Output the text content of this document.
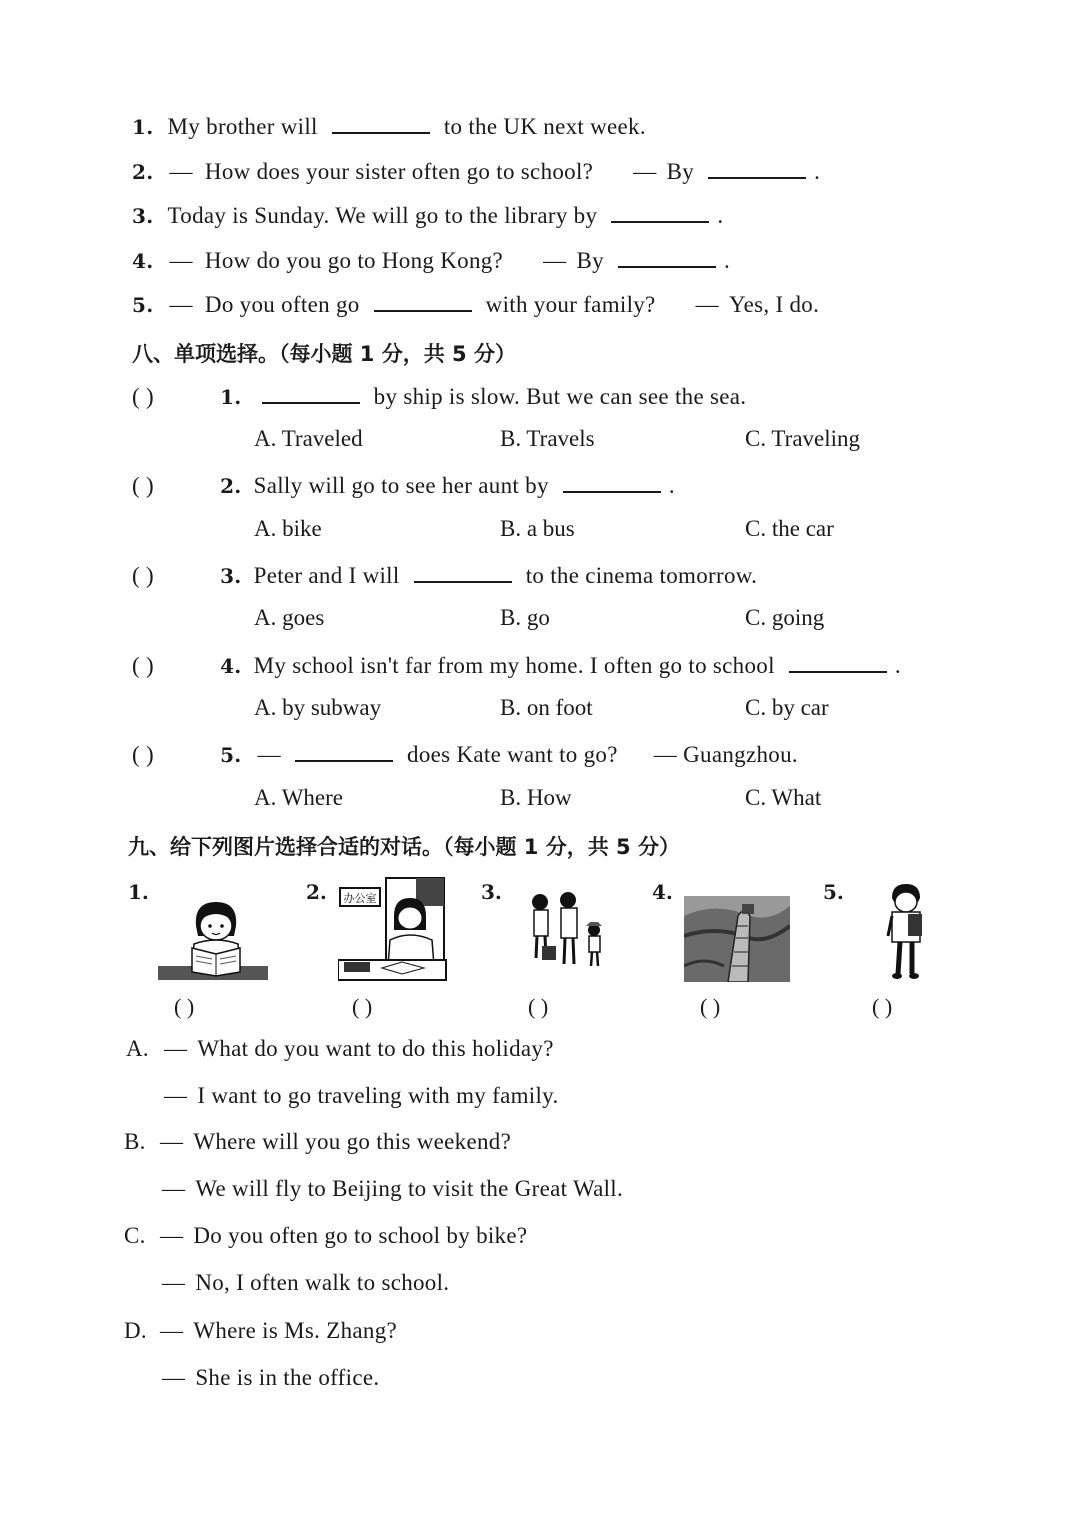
1. My brother will	to the UK next week.
2. — How does your sister often go to school? — By	.
3. Today is Sunday. We will go to the library by	.
4. — How do you go to Hong Kong? — By	.
5. — Do you often go	with your family? — Yes, I do.
八、单项选择。（每小题 1 分，共 5 分）
( )	1.	by ship is slow. But we can see the sea.
A. Traveled	B. Travels	C. Traveling
( )	2. Sally will go to see her aunt by	.
A. bike	B. a bus	C. the car
( )	3. Peter and I will	to the cinema tomorrow.
A. goes	B. go	C. going
( )	4. My school isn't far from my home. I often go to school	.
A. by subway	B. on foot	C. by car
( )	5. —	does Kate want to go? — Guangzhou.
A. Where	B. How	C. What
九、给下列图片选择合适的对话。（每小题 1 分，共 5 分）
1.	2.	3.	4.	5.
办公室
( )	( )	( )	( )	( )
A. — What do you want to do this holiday?
— I want to go traveling with my family.
B. — Where will you go this weekend?
— We will fly to Beijing to visit the Great Wall.
C. — Do you often go to school by bike?
— No, I often walk to school.
D. — Where is Ms. Zhang?
— She is in the office.
